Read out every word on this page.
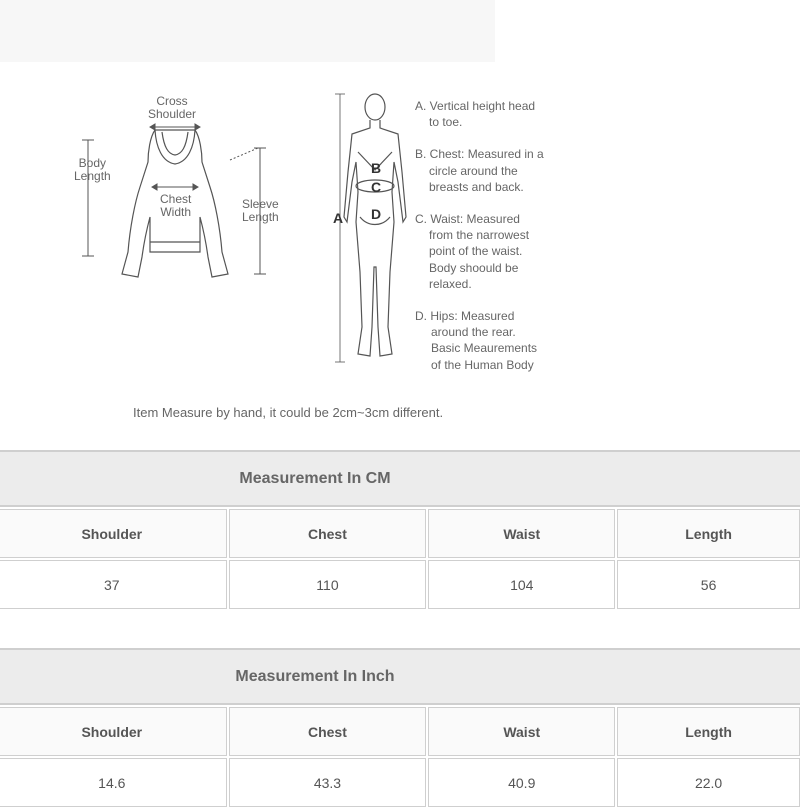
Cross
Shoulder
Body
Length
Chest
Width
Sleeve
Length	A
B
C
D
A. Vertical height head
to toe.
B. Chest: Measured in a
circle around the
breasts and back.
C. Waist: Measured
from the narrowest
point of the waist.
Body shoould be
relaxed.
D. Hips: Measured
around the rear.
Basic Meaurements
of the Human Body
Item Measure by hand, it could be 2cm~3cm different.
Measurement In CM
Shoulder	Chest	Waist	Length
37	110	104	56
Measurement In Inch
Shoulder	Chest	Waist	Length
14.6	43.3	40.9	22.0
